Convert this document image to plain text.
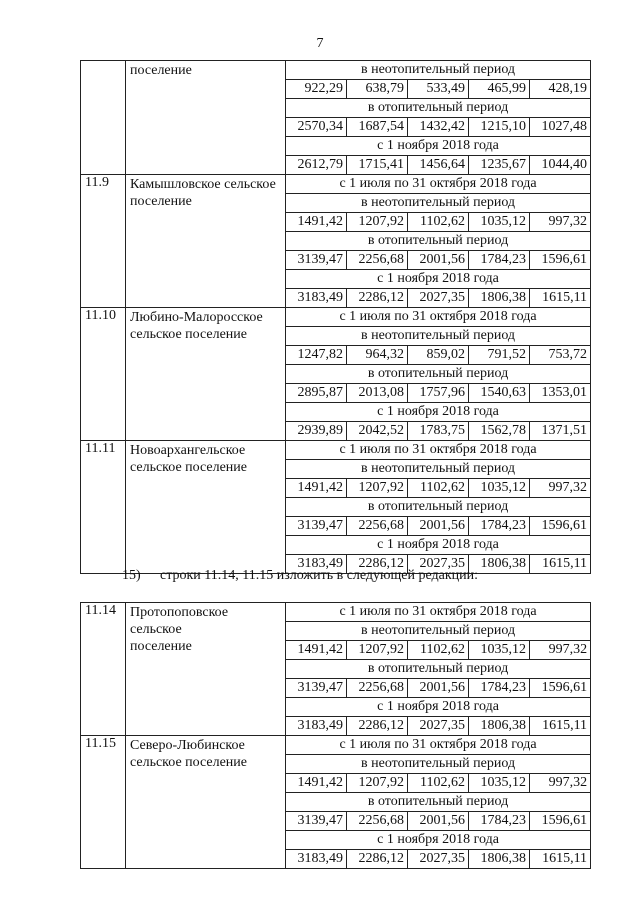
7
	поселение	в неотопительный период				
		922,29	638,79	533,49	465,99	428,19
		в отопительный период				
		2570,34	1687,54	1432,42	1215,10	1027,48
		с 1 ноября 2018 года				
		2612,79	1715,41	1456,64	1235,67	1044,40
11.9	Камышловское сельское поселение	с 1 июля по 31 октября 2018 года				
		в неотопительный период				
		1491,42	1207,92	1102,62	1035,12	997,32
		в отопительный период				
		3139,47	2256,68	2001,56	1784,23	1596,61
		с 1 ноября 2018 года				
		3183,49	2286,12	2027,35	1806,38	1615,11
11.10	Любино-Малоросское сельское поселение	с 1 июля по 31 октября 2018 года				
		в неотопительный период				
		1247,82	964,32	859,02	791,52	753,72
		в отопительный период				
		2895,87	2013,08	1757,96	1540,63	1353,01
		с 1 ноября 2018 года				
		2939,89	2042,52	1783,75	1562,78	1371,51
11.11	Новоархангельское сельское поселение	с 1 июля по 31 октября 2018 года				
		в неотопительный период				
		1491,42	1207,92	1102,62	1035,12	997,32
		в отопительный период				
		3139,47	2256,68	2001,56	1784,23	1596,61
		с 1 ноября 2018 года				
		3183,49	2286,12	2027,35	1806,38	1615,11
15) строки 11.14, 11.15 изложить в следующей редакции:
11.14	Протопоповское сельское поселение	с 1 июля по 31 октября 2018 года				
		в неотопительный период				
		1491,42	1207,92	1102,62	1035,12	997,32
		в отопительный период				
		3139,47	2256,68	2001,56	1784,23	1596,61
		с 1 ноября 2018 года				
		3183,49	2286,12	2027,35	1806,38	1615,11
11.15	Северо-Любинское сельское поселение	с 1 июля по 31 октября 2018 года				
		в неотопительный период				
		1491,42	1207,92	1102,62	1035,12	997,32
		в отопительный период				
		3139,47	2256,68	2001,56	1784,23	1596,61
		с 1 ноября 2018 года				
		3183,49	2286,12	2027,35	1806,38	1615,11
